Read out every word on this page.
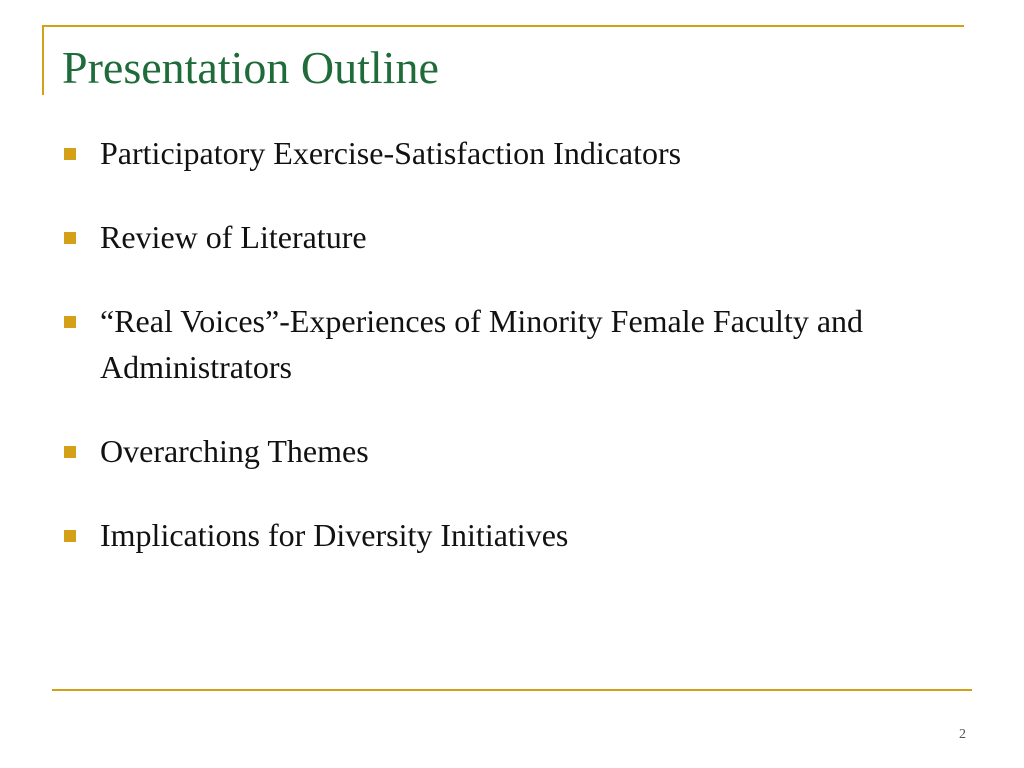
Presentation Outline
Participatory Exercise-Satisfaction Indicators
Review of Literature
“Real Voices”-Experiences of Minority Female Faculty and Administrators
Overarching Themes
Implications for Diversity Initiatives
2
